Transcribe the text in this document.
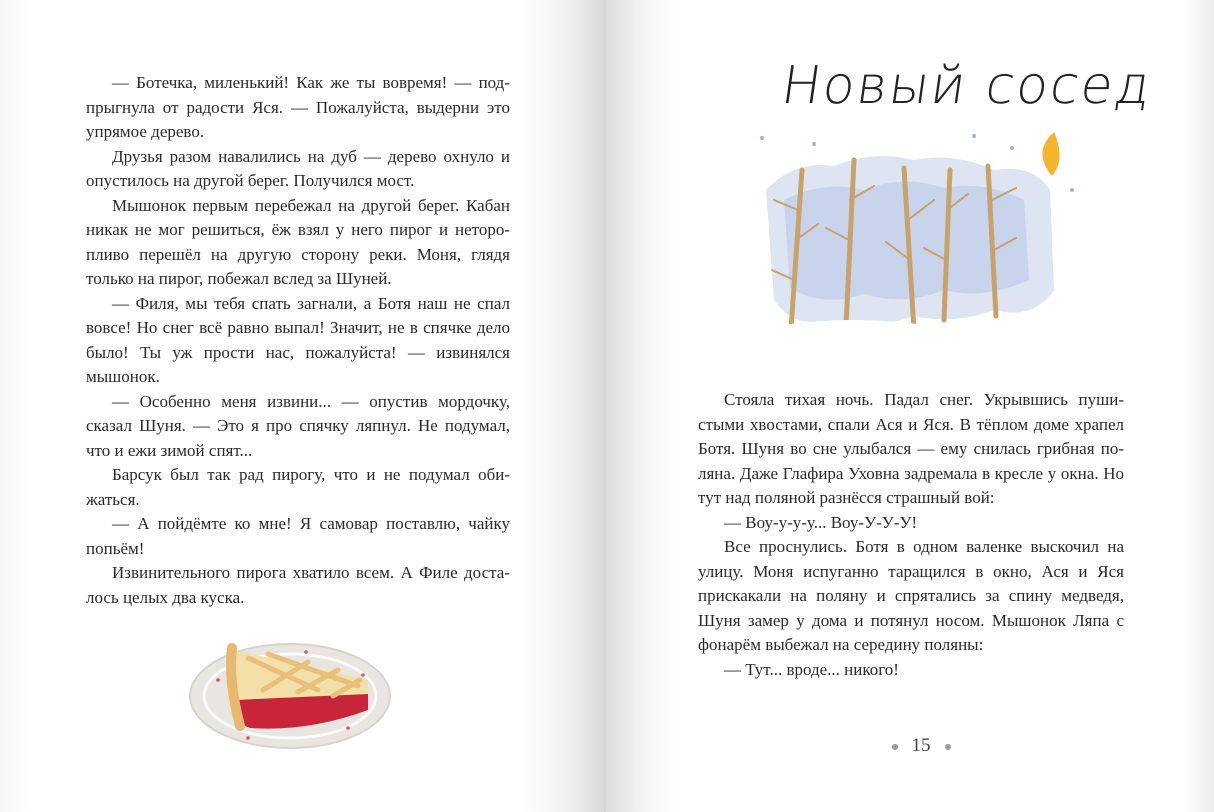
— Ботечка, миленький! Как же ты вовремя! — подпрыгнула от радости Яся. — Пожалуйста, выдерни это упрямое дерево.

Друзья разом навалились на дуб — дерево охнуло и опустилось на другой берег. Получился мост.

Мышонок первым перебежал на другой берег. Кабан никак не мог решиться, ёж взял у него пирог и неторопливо перешёл на другую сторону реки. Моня, глядя только на пирог, побежал вслед за Шуней.

— Филя, мы тебя спать загнали, а Ботя наш не спал вовсе! Но снег всё равно выпал! Значит, не в спячке дело было! Ты уж прости нас, пожалуйста! — извинялся мышонок.

— Особенно меня извини... — опустив мордочку, сказал Шуня. — Это я про спячку ляпнул. Не подумал, что и ежи зимой спят...

Барсук был так рад пирогу, что и не подумал обижаться.

— А пойдёмте ко мне! Я самовар поставлю, чайку попьём!

Извинительного пирога хватило всем. А Филе досталось целых два куска.

Новый сосед

Стояла тихая ночь. Падал снег. Укрывшись пушистыми хвостами, спали Ася и Яся. В тёплом доме храпел Ботя. Шуня во сне улыбался — ему снилась грибная поляна. Даже Глафира Уховна задремала в кресле у окна. Но тут над поляной разнёсся страшный вой:

— Воу-у-у-у... Воу-У-У-У!

Все проснулись. Ботя в одном валенке выскочил на улицу. Моня испуганно таращился в окно, Ася и Яся прискакали на поляну и спрятались за спину медведя, Шуня замер у дома и потянул носом. Мышонок Ляпа с фонарём выбежал на середину поляны:

— Тут... вроде... никого!

15
